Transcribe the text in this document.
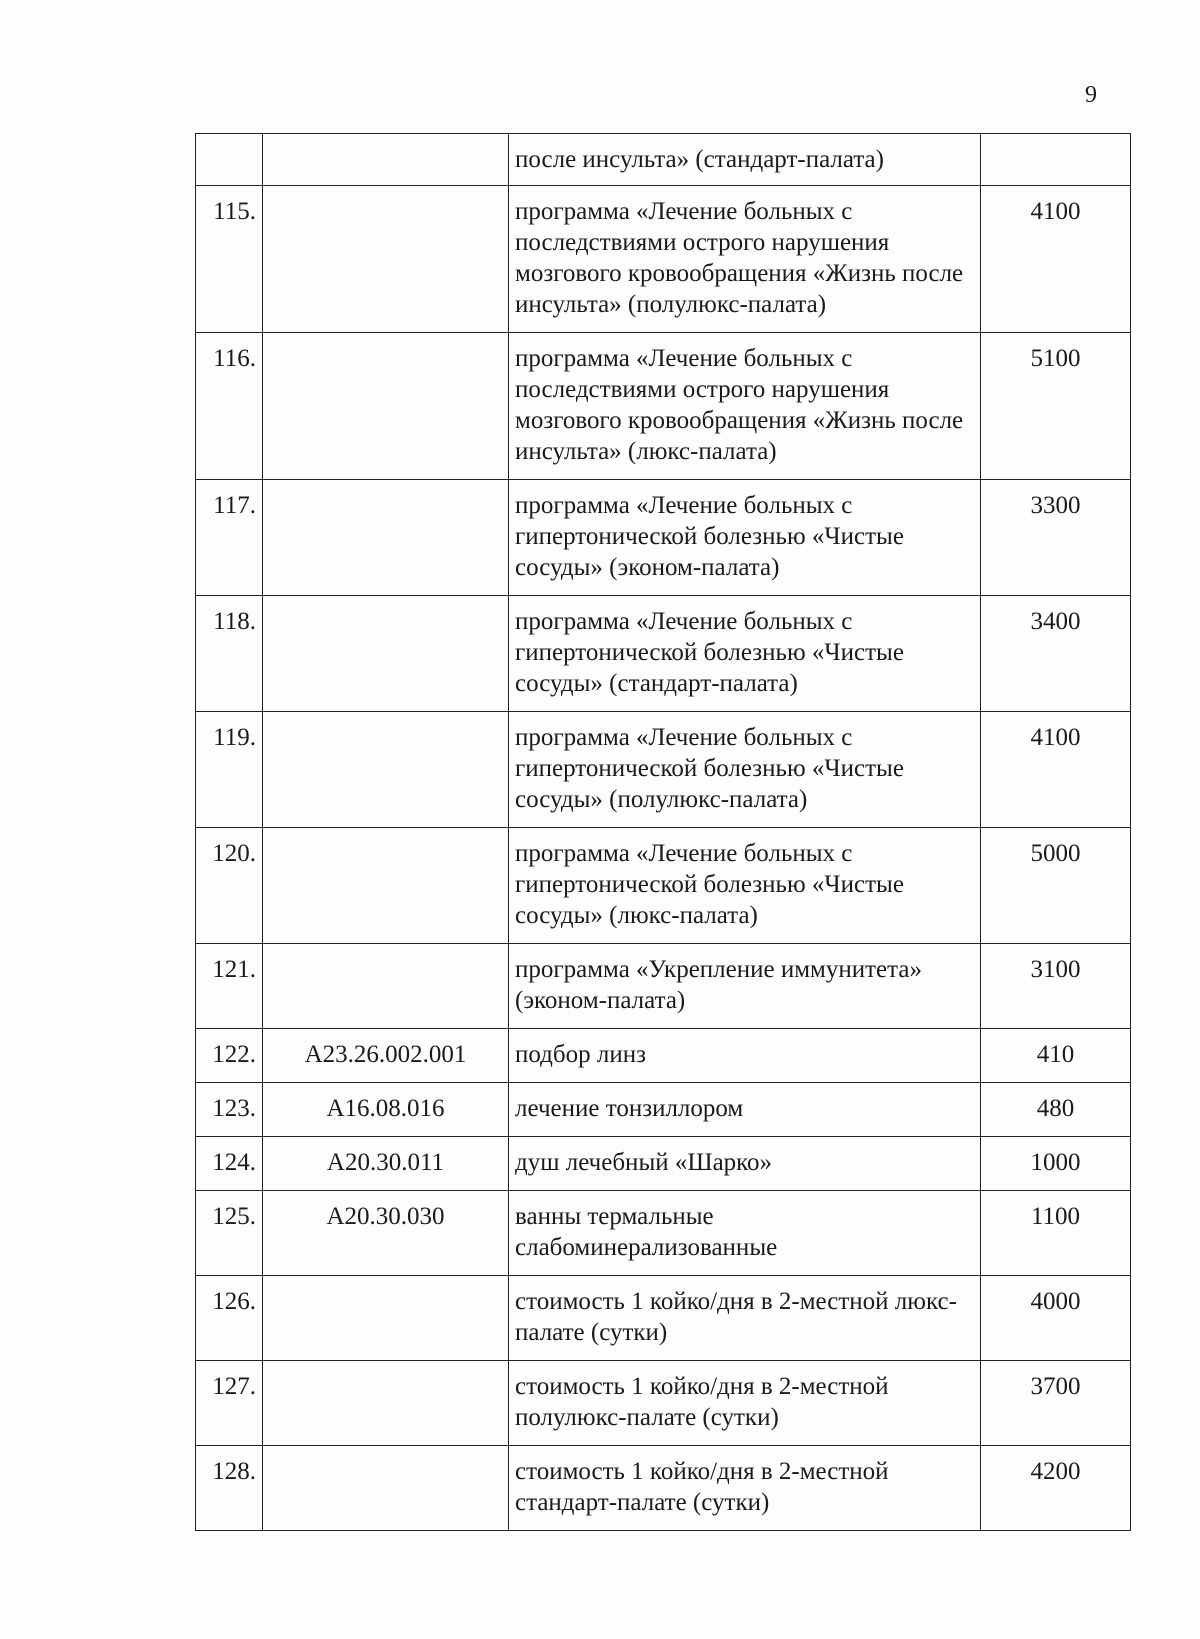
9
		после инсульта» (стандарт-палата)	
115.		программа «Лечение больных с последствиями острого нарушения мозгового кровообращения «Жизнь после инсульта» (полулюкс-палата)	4100
116.		программа «Лечение больных с последствиями острого нарушения мозгового кровообращения «Жизнь после инсульта» (люкс-палата)	5100
117.		программа «Лечение больных с гипертонической болезнью «Чистые сосуды» (эконом-палата)	3300
118.		программа «Лечение больных с гипертонической болезнью «Чистые сосуды» (стандарт-палата)	3400
119.		программа «Лечение больных с гипертонической болезнью «Чистые сосуды» (полулюкс-палата)	4100
120.		программа «Лечение больных с гипертонической болезнью «Чистые сосуды» (люкс-палата)	5000
121.		программа «Укрепление иммунитета» (эконом-палата)	3100
122.	А23.26.002.001	подбор линз	410
123.	А16.08.016	лечение тонзиллором	480
124.	А20.30.011	душ лечебный «Шарко»	1000
125.	А20.30.030	ванны термальные слабоминерализованные	1100
126.		стоимость 1 койко/дня в 2-местной люкс-палате (сутки)	4000
127.		стоимость 1 койко/дня в 2-местной полулюкс-палате (сутки)	3700
128.		стоимость 1 койко/дня в 2-местной стандарт-палате (сутки)	4200
